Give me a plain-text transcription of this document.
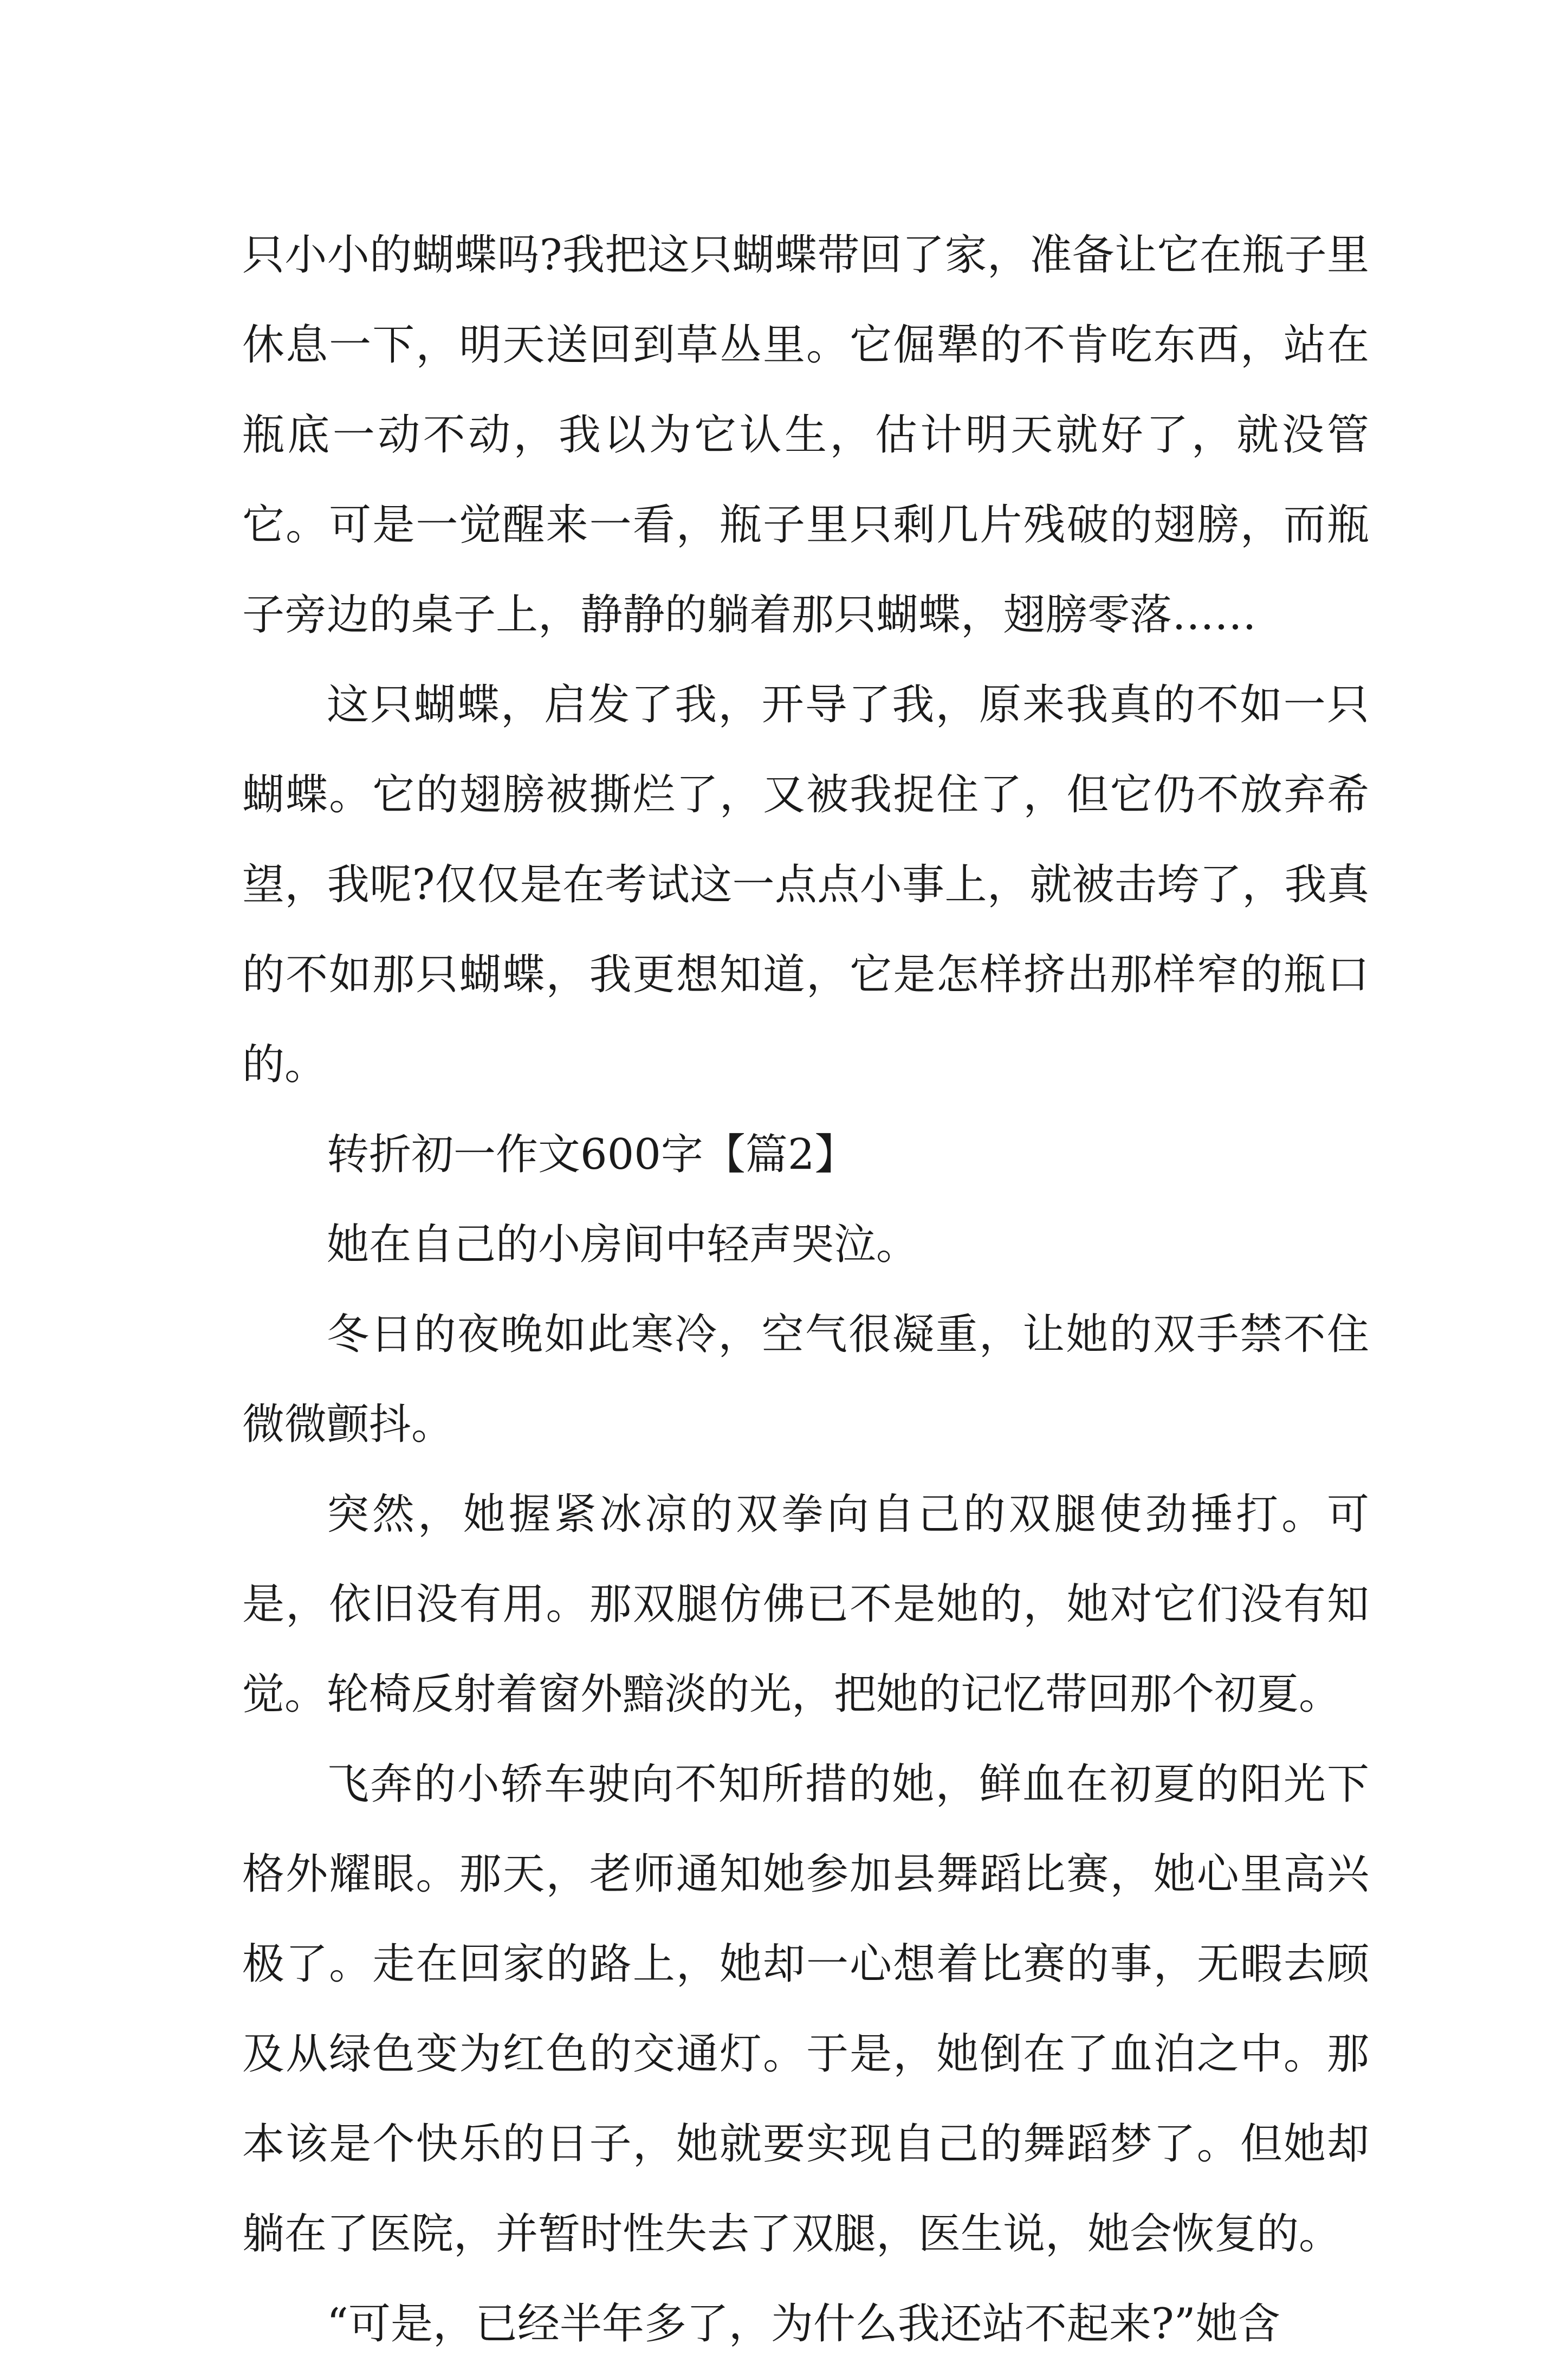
只小小的蝴蝶吗?我把这只蝴蝶带回了家，准备让它在瓶子里休息一下，明天送回到草丛里。它倔犟的不肯吃东西，站在瓶底一动不动，我以为它认生，估计明天就好了，就没管它。可是一觉醒来一看，瓶子里只剩几片残破的翅膀，而瓶子旁边的桌子上，静静的躺着那只蝴蝶，翅膀零落……

这只蝴蝶，启发了我，开导了我，原来我真的不如一只蝴蝶。它的翅膀被撕烂了，又被我捉住了，但它仍不放弃希望，我呢?仅仅是在考试这一点点小事上，就被击垮了，我真的不如那只蝴蝶，我更想知道，它是怎样挤出那样窄的瓶口的。

转折初一作文600字【篇2】

她在自己的小房间中轻声哭泣。

冬日的夜晚如此寒冷，空气很凝重，让她的双手禁不住微微颤抖。

突然，她握紧冰凉的双拳向自己的双腿使劲捶打。可是，依旧没有用。那双腿仿佛已不是她的，她对它们没有知觉。轮椅反射着窗外黯淡的光，把她的记忆带回那个初夏。

飞奔的小轿车驶向不知所措的她，鲜血在初夏的阳光下格外耀眼。那天，老师通知她参加县舞蹈比赛，她心里高兴极了。走在回家的路上，她却一心想着比赛的事，无暇去顾及从绿色变为红色的交通灯。于是，她倒在了血泊之中。那本该是个快乐的日子，她就要实现自己的舞蹈梦了。但她却躺在了医院，并暂时性失去了双腿，医生说，她会恢复的。

“可是，已经半年多了，为什么我还站不起来?”她含
